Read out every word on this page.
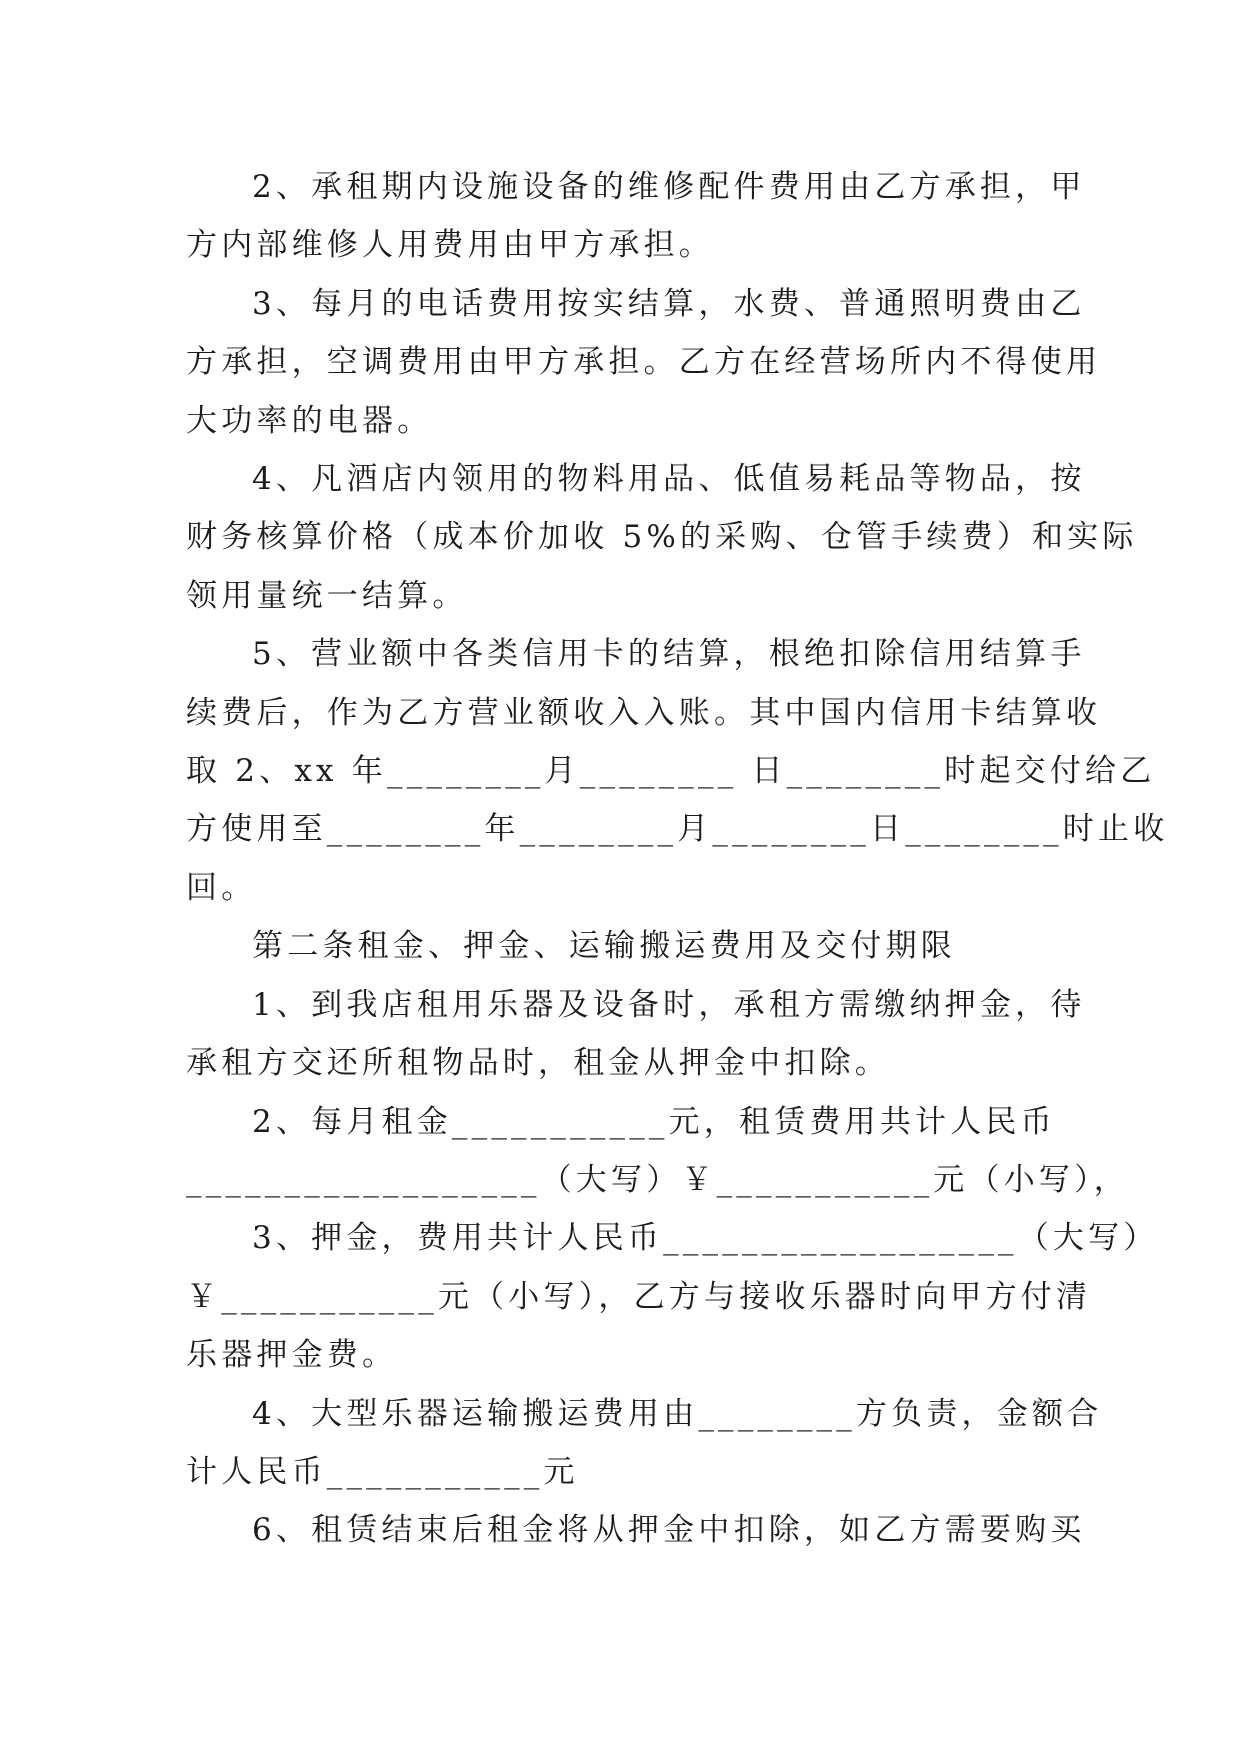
2、承租期内设施设备的维修配件费用由乙方承担，甲
方内部维修人用费用由甲方承担。
3、每月的电话费用按实结算，水费、普通照明费由乙
方承担，空调费用由甲方承担。乙方在经营场所内不得使用
大功率的电器。
4、凡酒店内领用的物料用品、低值易耗品等物品，按
财务核算价格（成本价加收 5%的采购、仓管手续费）和实际
领用量统一结算。
5、营业额中各类信用卡的结算，根绝扣除信用结算手
续费后，作为乙方营业额收入入账。其中国内信用卡结算收
取 2、xx 年________月________ 日________时起交付给乙
方使用至________年________月________日________时止收
回。
第二条租金、押金、运输搬运费用及交付期限
1、到我店租用乐器及设备时，承租方需缴纳押金，待
承租方交还所租物品时，租金从押金中扣除。
2、每月租金___________元，租赁费用共计人民币
__________________（大写）￥___________元（小写），
3、押金，费用共计人民币__________________（大写）
￥___________元（小写），乙方与接收乐器时向甲方付清
乐器押金费。
4、大型乐器运输搬运费用由________方负责，金额合
计人民币___________元
6、租赁结束后租金将从押金中扣除，如乙方需要购买
